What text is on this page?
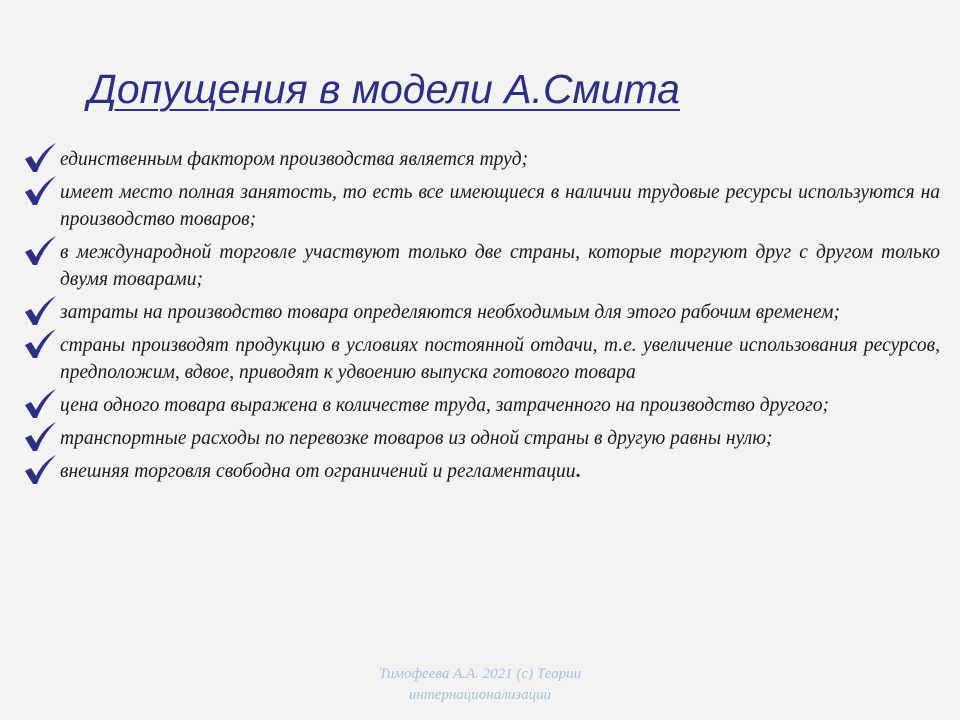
Допущения в модели А.Смита
единственным фактором производства является труд;
имеет место полная занятость, то есть все имеющиеся в наличии трудовые ресурсы используются на производство товаров;
в международной торговле участвуют только две страны, которые торгуют друг с другом только двумя товарами;
затраты на производство товара определяются необходимым для этого рабочим временем;
страны производят продукцию в условиях постоянной отдачи, т.е. увеличение использования ресурсов, предположим, вдвое, приводят к удвоению выпуска готового товара
цена одного товара выражена в количестве труда, затраченного на производство другого;
транспортные расходы по перевозке товаров из одной страны в другую равны нулю;
внешняя торговля свободна от ограничений и регламентации.
Тимофеева А.А. 2021 (с) Теории
интернационализации
